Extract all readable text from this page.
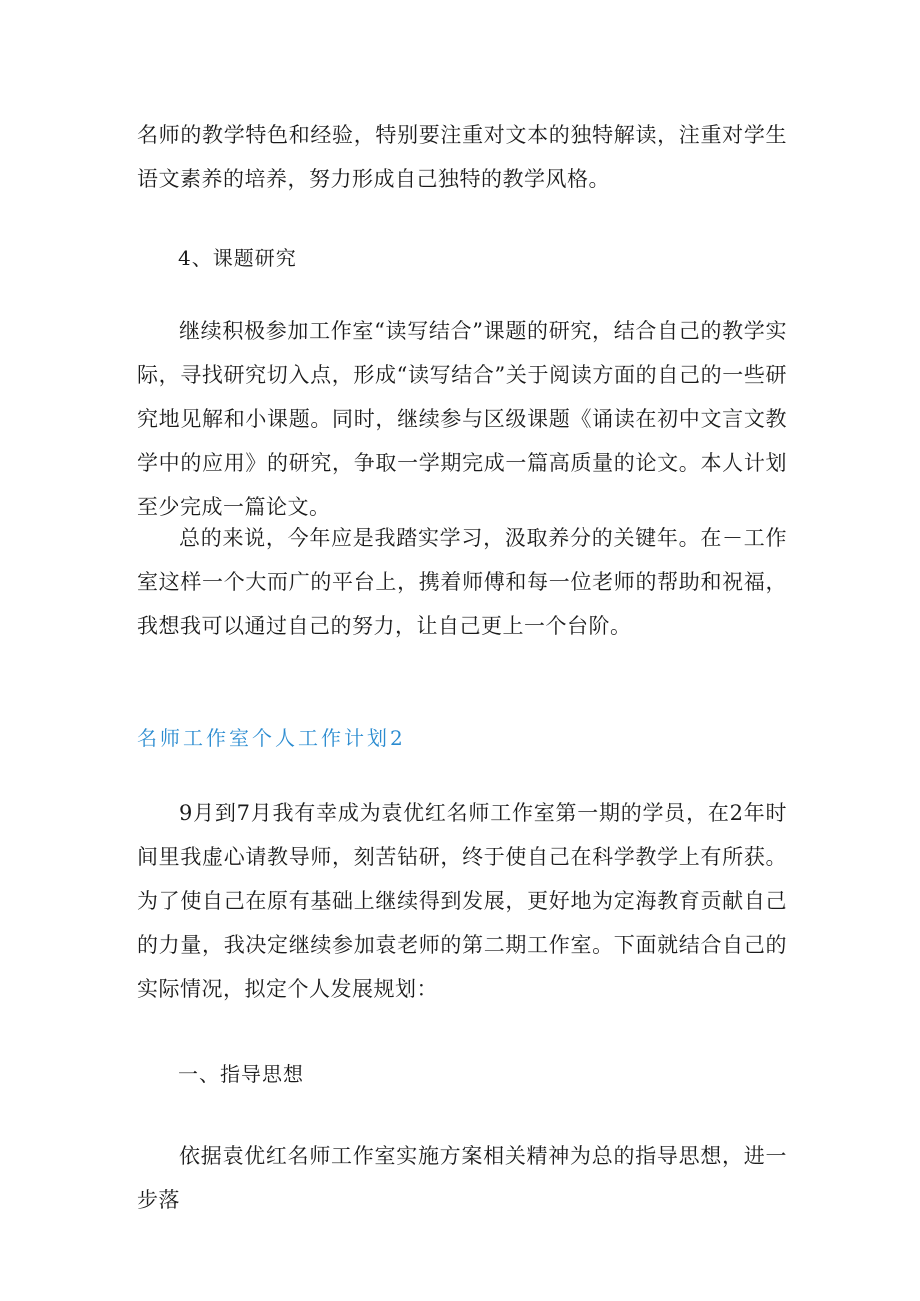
名师的教学特色和经验，特别要注重对文本的独特解读，注重对学生语文素养的培养，努力形成自己独特的教学风格。

4、课题研究

继续积极参加工作室“读写结合”课题的研究，结合自己的教学实际，寻找研究切入点，形成“读写结合”关于阅读方面的自己的一些研究地见解和小课题。同时，继续参与区级课题《诵读在初中文言文教学中的应用》的研究，争取一学期完成一篇高质量的论文。本人计划至少完成一篇论文。

总的来说，今年应是我踏实学习，汲取养分的关键年。在－工作室这样一个大而广的平台上，携着师傅和每一位老师的帮助和祝福，我想我可以通过自己的努力，让自己更上一个台阶。

名师工作室个人工作计划2

9月到7月我有幸成为袁优红名师工作室第一期的学员，在2年时间里我虚心请教导师，刻苦钻研，终于使自己在科学教学上有所获。为了使自己在原有基础上继续得到发展，更好地为定海教育贡献自己的力量，我决定继续参加袁老师的第二期工作室。下面就结合自己的实际情况，拟定个人发展规划：

一、指导思想

依据袁优红名师工作室实施方案相关精神为总的指导思想，进一步落
